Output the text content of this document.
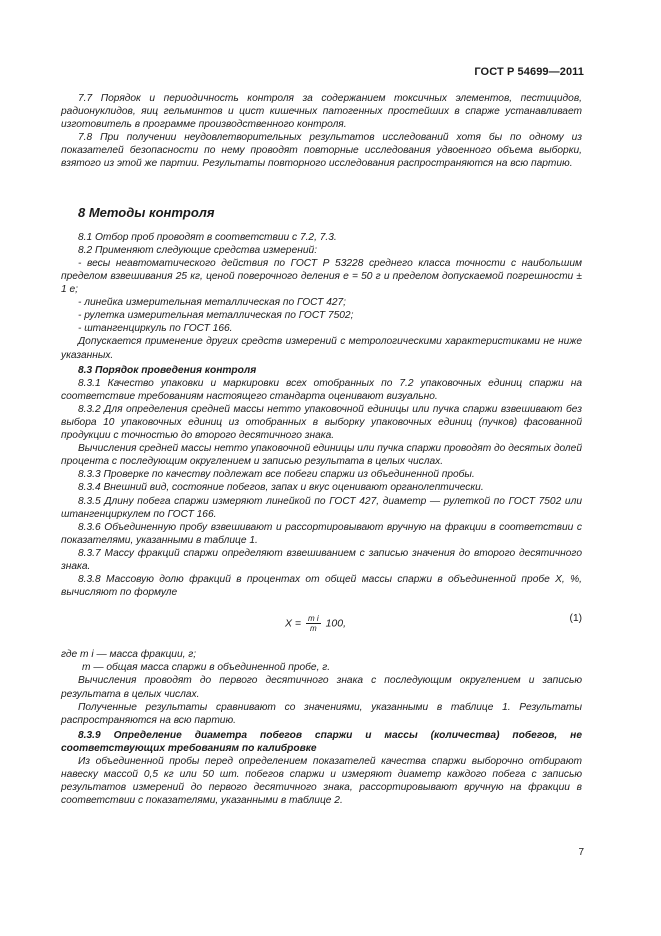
ГОСТ Р 54699—2011

7.7 Порядок и периодичность контроля за содержанием токсичных элементов, пестицидов, радионуклидов, яиц гельминтов и цист кишечных патогенных простейших в спарже устанавливает изготовитель в программе производственного контроля.

7.8 При получении неудовлетворительных результатов исследований хотя бы по одному из показателей безопасности по нему проводят повторные исследования удвоенного объема выборки, взятого из этой же партии. Результаты повторного исследования распространяются на всю партию.

8 Методы контроля

8.1 Отбор проб проводят в соответствии с 7.2, 7.3.

8.2 Применяют следующие средства измерений:

- весы неавтоматического действия по ГОСТ Р 53228 среднего класса точности с наибольшим пределом взвешивания 25 кг, ценой поверочного деления е = 50 г и пределом допускаемой погрешности ± 1 е;

- линейка измерительная металлическая по ГОСТ 427;

- рулетка измерительная металлическая по ГОСТ 7502;

- штангенциркуль по ГОСТ 166.

Допускается применение других средств измерений с метрологическими характеристиками не ниже указанных.

8.3 Порядок проведения контроля

8.3.1 Качество упаковки и маркировки всех отобранных по 7.2 упаковочных единиц спаржи на соответствие требованиям настоящего стандарта оценивают визуально.

8.3.2 Для определения средней массы нетто упаковочной единицы или пучка спаржи взвешивают без выбора 10 упаковочных единиц из отобранных в выборку упаковочных единиц (пучков) фасованной продукции с точностью до второго десятичного знака.

Вычисления средней массы нетто упаковочной единицы или пучка спаржи проводят до десятых долей процента с последующим округлением и записью результата в целых числах.

8.3.3 Проверке по качеству подлежат все побеги спаржи из объединенной пробы.

8.3.4 Внешний вид, состояние побегов, запах и вкус оценивают органолептически.

8.3.5 Длину побега спаржи измеряют линейкой по ГОСТ 427, диаметр — рулеткой по ГОСТ 7502 или штангенциркулем по ГОСТ 166.

8.3.6 Объединенную пробу взвешивают и рассортировывают вручную на фракции в соответствии с показателями, указанными в таблице 1.

8.3.7 Массу фракций спаржи определяют взвешиванием с записью значения до второго десятичного знака.

8.3.8 Массовую долю фракций в процентах от общей массы спаржи в объединенной пробе X, %, вычисляют по формуле

$X = \frac{\text{m i}}{m} 100$,	(1)

где m i — масса фракции, г;

m — общая масса спаржи в объединенной пробе, г.

Вычисления проводят до первого десятичного знака с последующим округлением и записью результата в целых числах.

Полученные результаты сравнивают со значениями, указанными в таблице 1. Результаты распространяются на всю партию.

8.3.9 Определение диаметра побегов спаржи и массы (количества) побегов, не соответствующих требованиям по калибровке

Из объединенной пробы перед определением показателей качества спаржи выборочно отбирают навеску массой 0,5 кг или 50 шт. побегов спаржи и измеряют диаметр каждого побега с записью результатов измерений до первого десятичного знака, рассортировывают вручную на фракции в соответствии с показателями, указанными в таблице 2.

7
